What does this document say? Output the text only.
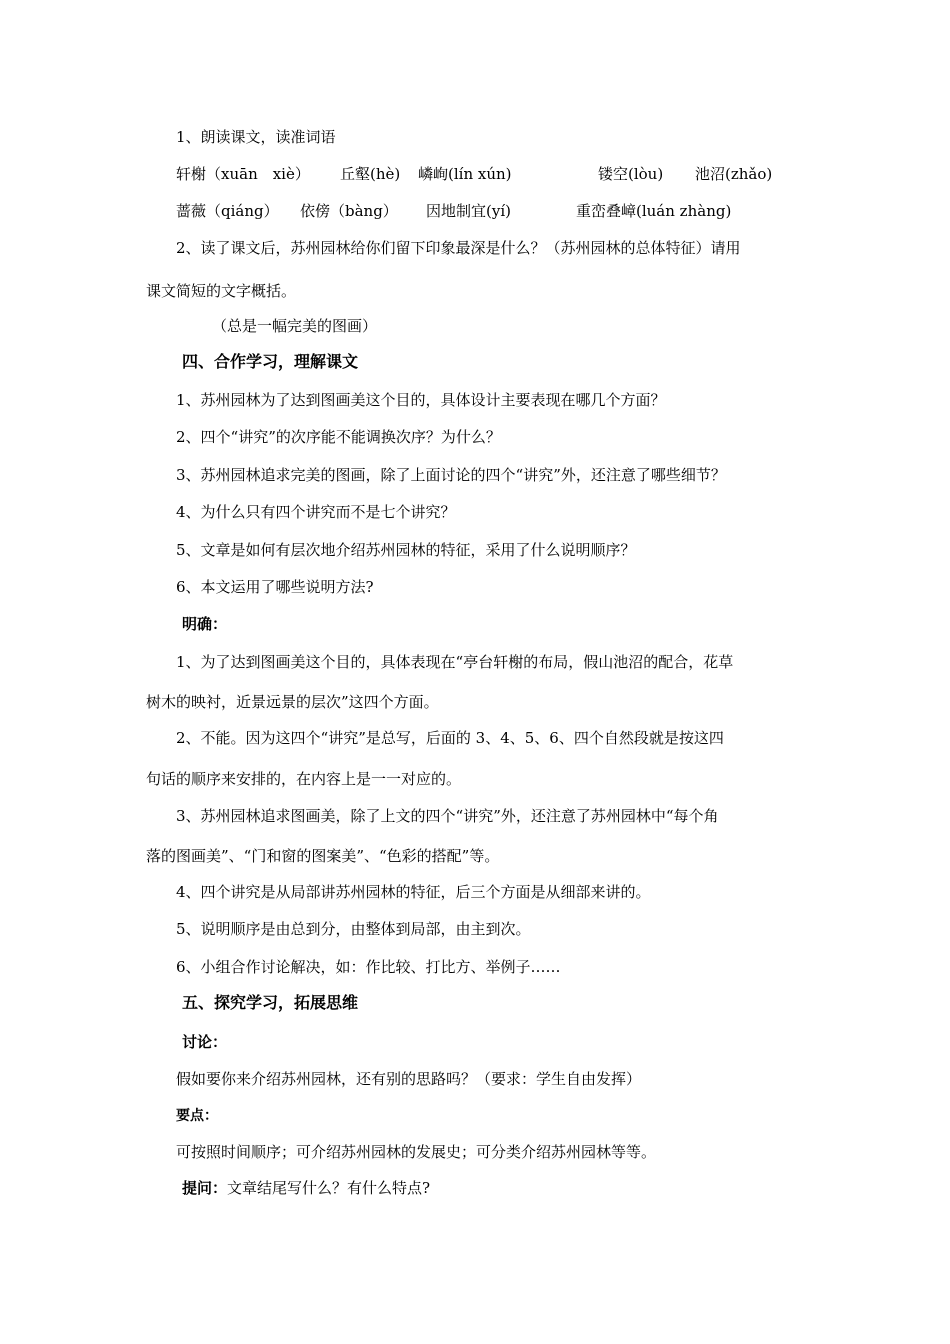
1、朗读课文，读准词语
轩榭（xuān　xiè） 丘壑(hè) 嶙峋(lín xún)	镂空(lòu) 池沼(zhǎo)
蔷薇（qiáng） 依傍（bàng） 因地制宜(yí)	重峦叠嶂(luán zhàng)
2、读了课文后，苏州园林给你们留下印象最深是什么？（苏州园林的总体特征）请用
课文简短的文字概括。
（总是一幅完美的图画）
四、合作学习，理解课文
1、苏州园林为了达到图画美这个目的，具体设计主要表现在哪几个方面？
2、四个“讲究”的次序能不能调换次序？为什么？
3、苏州园林追求完美的图画，除了上面讨论的四个“讲究”外，还注意了哪些细节？
4、为什么只有四个讲究而不是七个讲究？
5、文章是如何有层次地介绍苏州园林的特征，采用了什么说明顺序？
6、本文运用了哪些说明方法?
明确：
1、为了达到图画美这个目的，具体表现在“亭台轩榭的布局，假山池沼的配合，花草
树木的映衬，近景远景的层次”这四个方面。
2、不能。因为这四个“讲究”是总写，后面的 3、4、5、6、四个自然段就是按这四
句话的顺序来安排的，在内容上是一一对应的。
3、苏州园林追求图画美，除了上文的四个“讲究”外，还注意了苏州园林中“每个角
落的图画美”、“门和窗的图案美”、“色彩的搭配”等。
4、四个讲究是从局部讲苏州园林的特征，后三个方面是从细部来讲的。
5、说明顺序是由总到分，由整体到局部，由主到次。
6、小组合作讨论解决，如：作比较、打比方、举例子……
五、探究学习，拓展思维
讨论：
假如要你来介绍苏州园林，还有别的思路吗？（要求：学生自由发挥）
要点：
可按照时间顺序；可介绍苏州园林的发展史；可分类介绍苏州园林等等。
提问：文章结尾写什么？有什么特点?
